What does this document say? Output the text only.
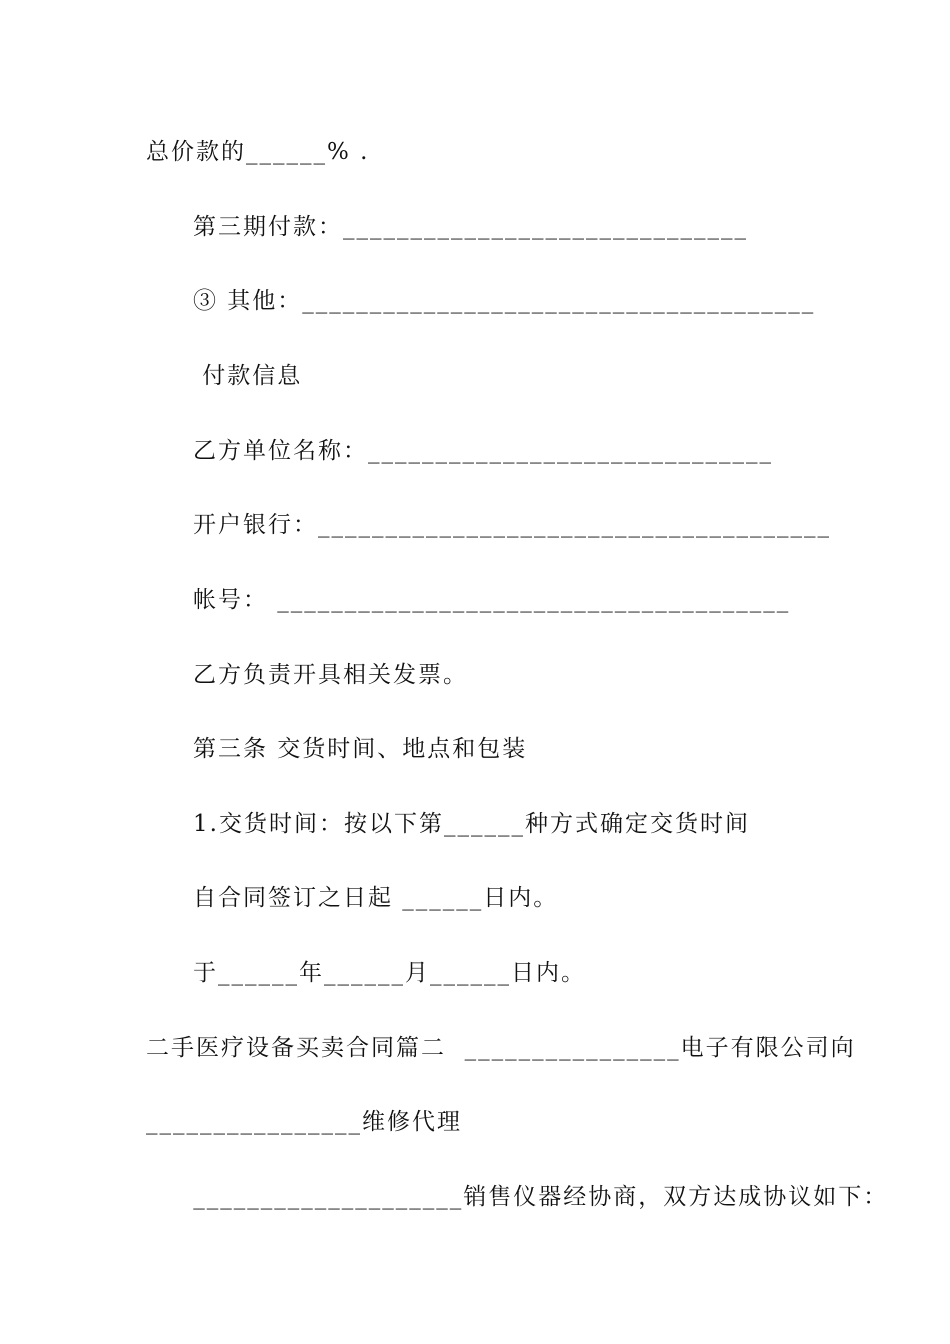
总价款的______% .
第三期付款：______________________________
③ 其他：______________________________________
付款信息
乙方单位名称：______________________________
开户银行：______________________________________
帐号： ______________________________________
乙方负责开具相关发票。
第三条 交货时间、地点和包装
1.交货时间：按以下第______种方式确定交货时间
自合同签订之日起 ______日内。
于______年______月______日内。
二手医疗设备买卖合同篇二  ________________电子有限公司向
________________维修代理
____________________销售仪器经协商，双方达成协议如下：
